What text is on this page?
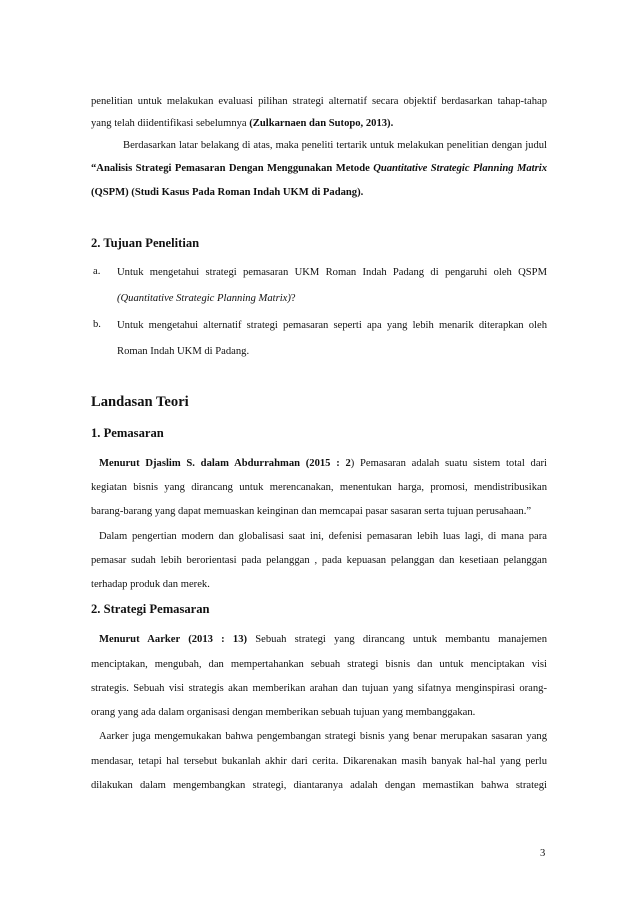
penelitian untuk melakukan evaluasi pilihan strategi alternatif secara objektif berdasarkan tahap-tahap
yang telah diidentifikasi sebelumnya (Zulkarnaen dan Sutopo, 2013).
Berdasarkan latar belakang di atas, maka peneliti tertarik untuk melakukan penelitian dengan judul
“Analisis Strategi Pemasaran Dengan Menggunakan Metode Quantitative Strategic Planning Matrix
(QSPM) (Studi Kasus Pada Roman Indah UKM di Padang).
2. Tujuan Penelitian
a. Untuk mengetahui strategi pemasaran UKM Roman Indah Padang di pengaruhi oleh QSPM
(Quantitative Strategic Planning Matrix)?
b. Untuk mengetahui alternatif strategi pemasaran seperti apa yang lebih menarik diterapkan oleh
Roman Indah UKM di Padang.
Landasan Teori
1. Pemasaran
Menurut Djaslim S. dalam Abdurrahman (2015 : 2) Pemasaran adalah suatu sistem total dari
kegiatan bisnis yang dirancang untuk merencanakan, menentukan harga, promosi, mendistribusikan
barang-barang yang dapat memuaskan keinginan dan memcapai pasar sasaran serta tujuan perusahaan.”
Dalam pengertian modern dan globalisasi saat ini, defenisi pemasaran lebih luas lagi, di mana para
pemasar sudah lebih berorientasi pada pelanggan , pada kepuasan pelanggan dan kesetiaan pelanggan
terhadap produk dan merek.
2. Strategi Pemasaran
Menurut Aarker (2013 : 13) Sebuah strategi yang dirancang untuk membantu manajemen
menciptakan, mengubah, dan mempertahankan sebuah strategi bisnis dan untuk menciptakan visi
strategis. Sebuah visi strategis akan memberikan arahan dan tujuan yang sifatnya menginspirasi orang-
orang yang ada dalam organisasi dengan memberikan sebuah tujuan yang membanggakan.
Aarker juga mengemukakan bahwa pengembangan strategi bisnis yang benar merupakan sasaran yang
mendasar, tetapi hal tersebut bukanlah akhir dari cerita. Dikarenakan masih banyak hal-hal yang perlu
dilakukan dalam mengembangkan strategi, diantaranya adalah dengan memastikan bahwa strategi
3
